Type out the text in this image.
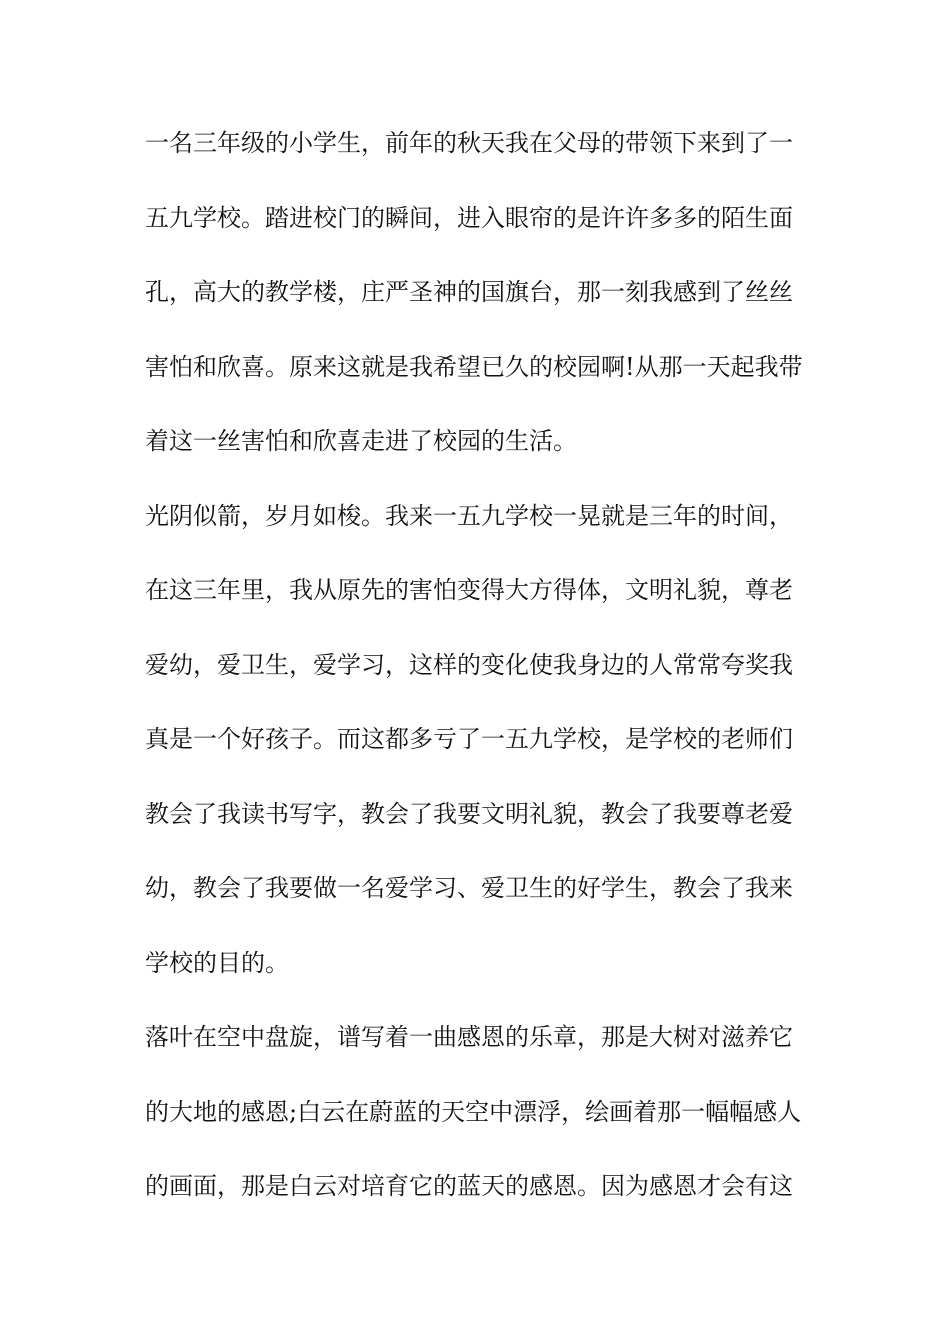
一名三年级的小学生，前年的秋天我在父母的带领下来到了一
五九学校。踏进校门的瞬间，进入眼帘的是许许多多的陌生面
孔，高大的教学楼，庄严圣神的国旗台，那一刻我感到了丝丝
害怕和欣喜。原来这就是我希望已久的校园啊!从那一天起我带
着这一丝害怕和欣喜走进了校园的生活。
光阴似箭，岁月如梭。我来一五九学校一晃就是三年的时间，
在这三年里，我从原先的害怕变得大方得体，文明礼貌，尊老
爱幼，爱卫生，爱学习，这样的变化使我身边的人常常夸奖我
真是一个好孩子。而这都多亏了一五九学校，是学校的老师们
教会了我读书写字，教会了我要文明礼貌，教会了我要尊老爱
幼，教会了我要做一名爱学习、爱卫生的好学生，教会了我来
学校的目的。
落叶在空中盘旋，谱写着一曲感恩的乐章，那是大树对滋养它
的大地的感恩;白云在蔚蓝的天空中漂浮，绘画着那一幅幅感人
的画面，那是白云对培育它的蓝天的感恩。因为感恩才会有这
